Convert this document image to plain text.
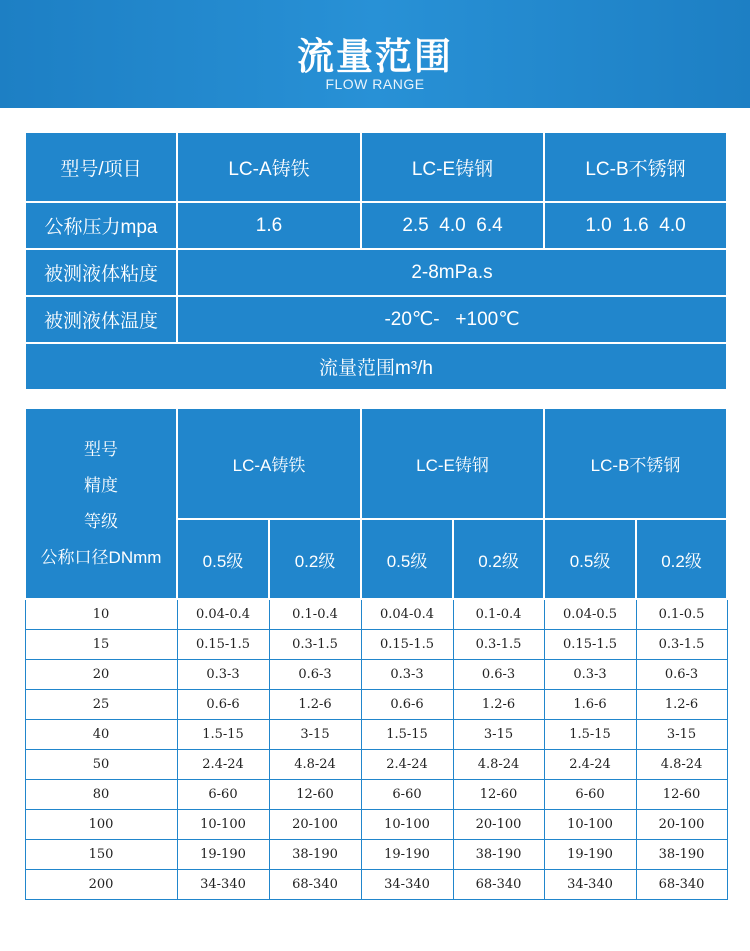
流量范围
FLOW RANGE
型号/项目	LC-A铸铁	LC-E铸钢	LC-B不锈钢
公称压力mpa	1.6	2.5  4.0  6.4	1.0  1.6  4.0
被测液体粘度	2-8mPa.s		
被测液体温度	-20℃-   +100℃		
流量范围m³/h			
型号
精度
等级
公称口径DNmm	LC-A铸铁		LC-E铸钢		LC-B不锈钢	
	0.5级	0.2级	0.5级	0.2级	0.5级	0.2级
10	0.04-0.4	0.1-0.4	0.04-0.4	0.1-0.4	0.04-0.5	0.1-0.5
15	0.15-1.5	0.3-1.5	0.15-1.5	0.3-1.5	0.15-1.5	0.3-1.5
20	0.3-3	0.6-3	0.3-3	0.6-3	0.3-3	0.6-3
25	0.6-6	1.2-6	0.6-6	1.2-6	1.6-6	1.2-6
40	1.5-15	3-15	1.5-15	3-15	1.5-15	3-15
50	2.4-24	4.8-24	2.4-24	4.8-24	2.4-24	4.8-24
80	6-60	12-60	6-60	12-60	6-60	12-60
100	10-100	20-100	10-100	20-100	10-100	20-100
150	19-190	38-190	19-190	38-190	19-190	38-190
200	34-340	68-340	34-340	68-340	34-340	68-340
